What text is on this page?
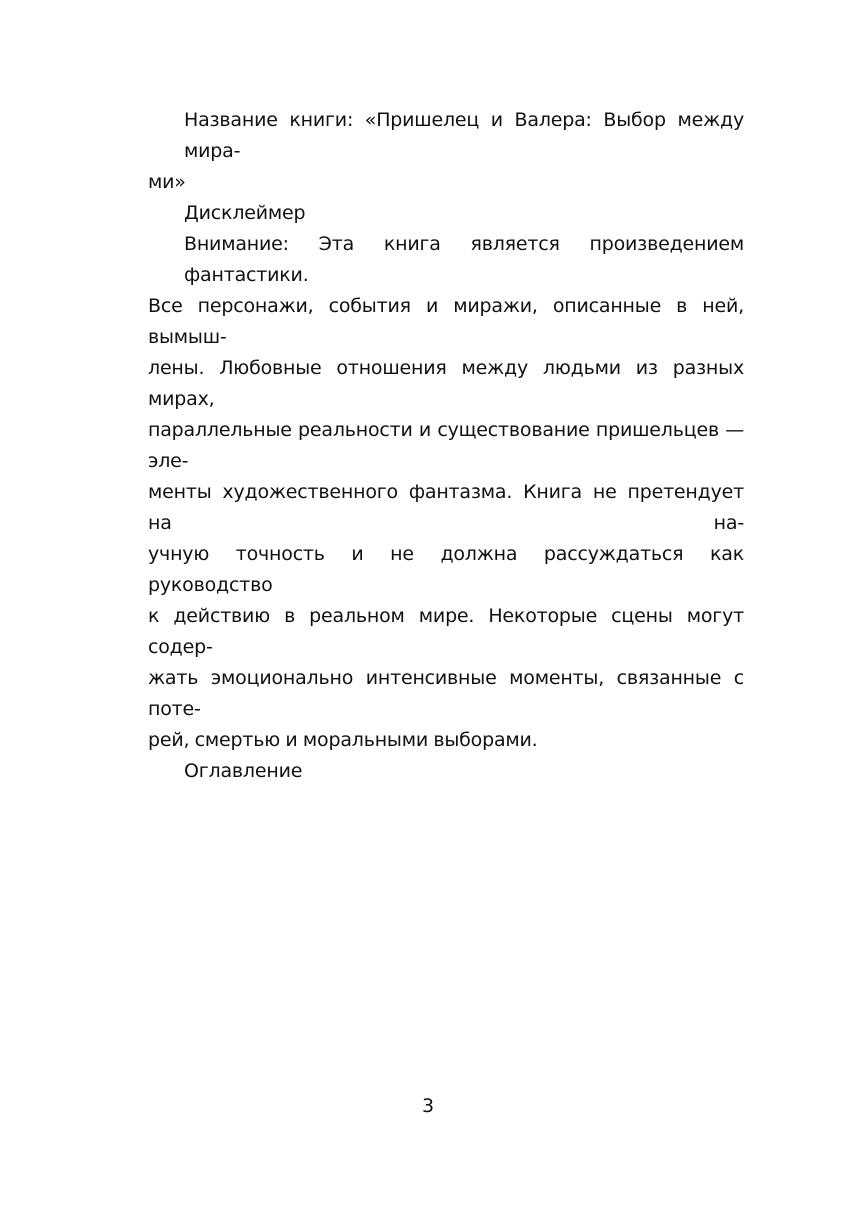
Название книги: «Пришелец и Валера: Выбор между мира-
ми»
Дисклеймер
Внимание: Эта книга является произведением фантастики.
Все персонажи, события и миражи, описанные в ней, вымыш-
лены. Любовные отношения между людьми из разных мирах,
параллельные реальности и существование пришельцев — эле-
менты художественного фантазма. Книга не претендует на на-
учную точность и не должна рассуждаться как руководство
к действию в реальном мире. Некоторые сцены могут содер-
жать эмоционально интенсивные моменты, связанные с поте-
рей, смертью и моральными выборами.
Оглавление
3
